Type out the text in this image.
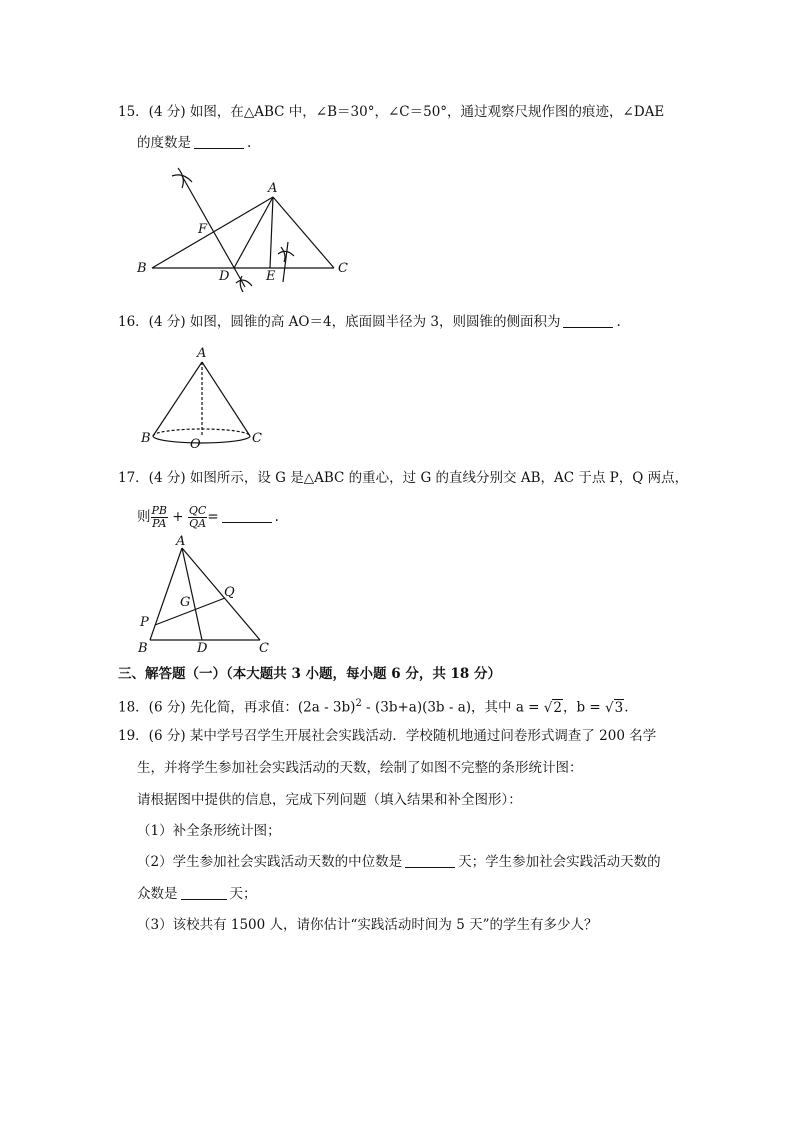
15．(4 分) 如图，在△ABC 中，∠B＝30°，∠C＝50°，通过观察尺规作图的痕迹，∠DAE
的度数是	.
A
B	C
D	E
F
16．(4 分) 如图，圆锥的高 AO＝4，底面圆半径为 3，则圆锥的侧面积为	.
A
B	C
O
17．(4 分) 如图所示，设 G 是△ABC 的重心，过 G 的直线分别交 AB，AC 于点 P，Q 两点，
则 $\frac{PB}{PA} + \frac{QC}{QA}$ =	.
A
B	C
D
G
P
Q
三、解答题（一）（本大题共 3 小题，每小题 6 分，共 18 分）
18．(6 分) 先化简，再求值：(2a - 3b)$^2$ - (3b+a)(3b - a)，其中 a = √2，b = √3.
19．(6 分) 某中学号召学生开展社会实践活动．学校随机地通过问卷形式调查了 200 名学
生，并将学生参加社会实践活动的天数，绘制了如图不完整的条形统计图：
请根据图中提供的信息，完成下列问题（填入结果和补全图形）：
（1）补全条形统计图；
（2）学生参加社会实践活动天数的中位数是	天；学生参加社会实践活动天数的
众数是	天；
（3）该校共有 1500 人，请你估计“实践活动时间为 5 天”的学生有多少人？
